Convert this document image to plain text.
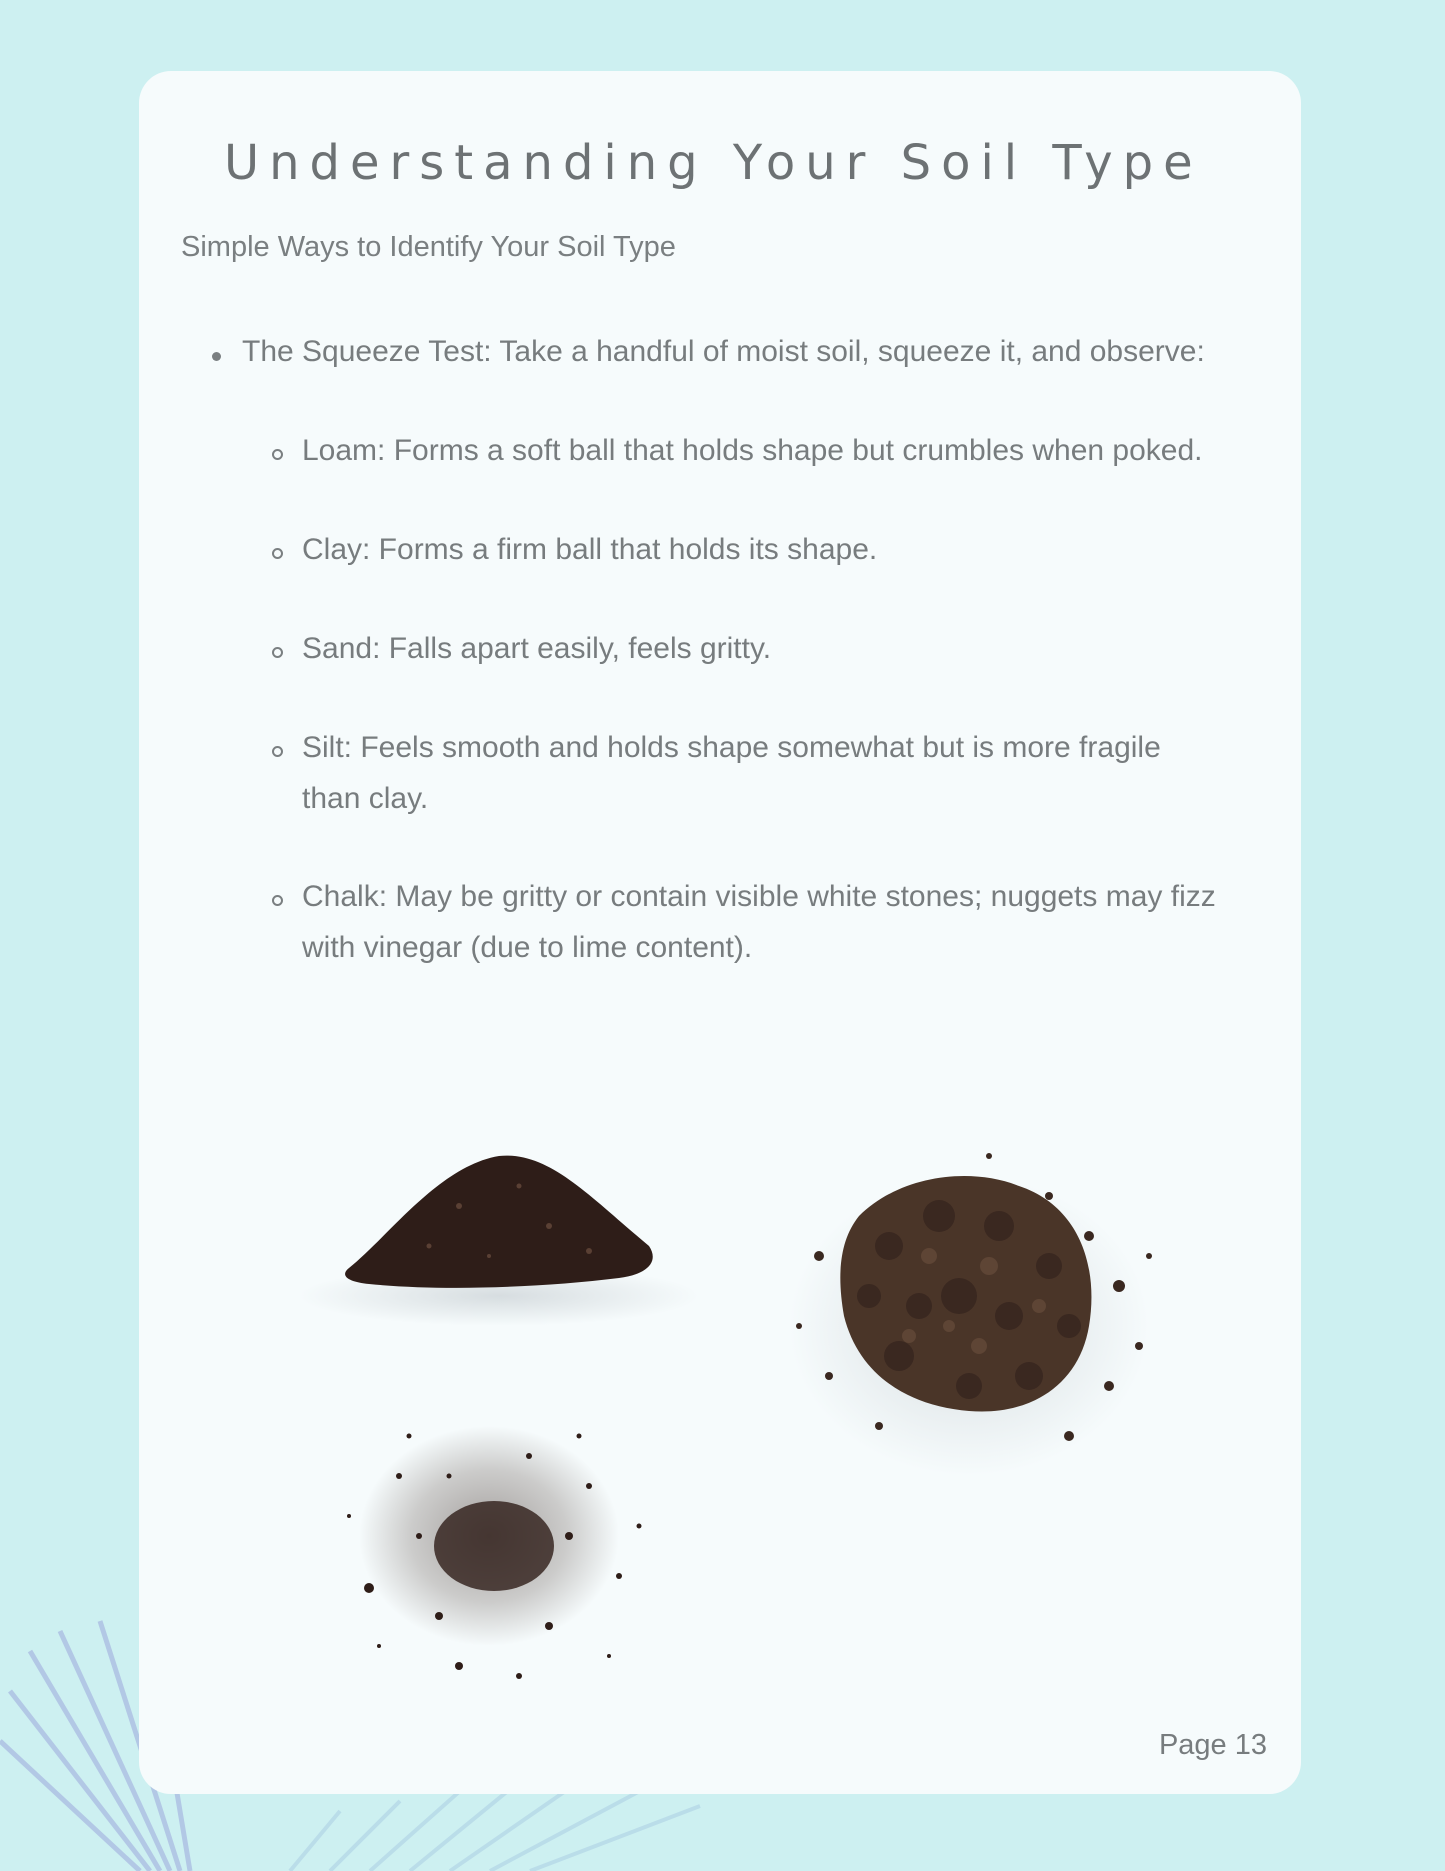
Understanding Your Soil Type

Simple Ways to Identify Your Soil Type

The Squeeze Test: Take a handful of moist soil, squeeze it, and observe:
Loam: Forms a soft ball that holds shape but crumbles when poked.
Clay: Forms a firm ball that holds its shape.
Sand: Falls apart easily, feels gritty.
Silt: Feels smooth and holds shape somewhat but is more fragile than clay.
Chalk: May be gritty or contain visible white stones; nuggets may fizz with vinegar (due to lime content).
Page 13
